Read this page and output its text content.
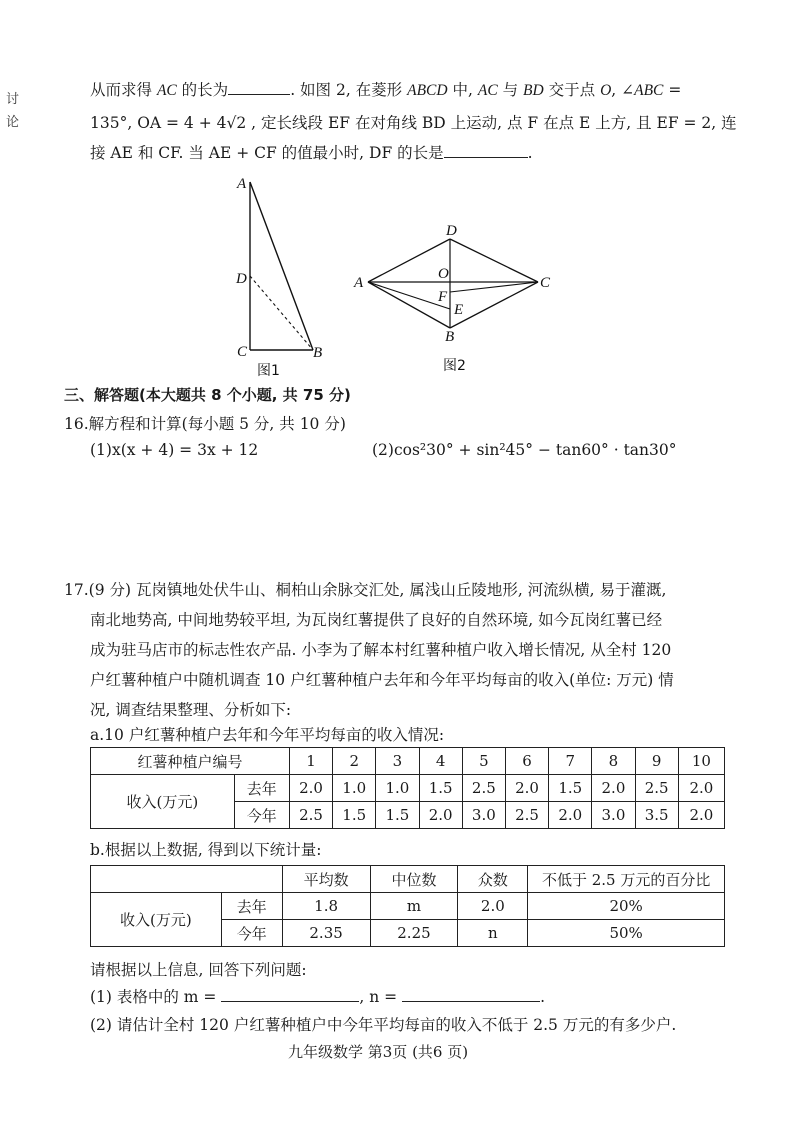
讨
论
从而求得 AC 的长为	. 如图 2, 在菱形 ABCD 中, AC 与 BD 交于点 O, ∠ABC =
135°, OA = 4 + 4√2 , 定长线段 EF 在对角线 BD 上运动, 点 F 在点 E 上方, 且 EF = 2, 连
接 AE 和 CF. 当 AE + CF 的值最小时, DF 的长是	.
A
D
C	B
图1
D
A
O
C
F
E
B
图2
三、解答题(本大题共 8 个小题, 共 75 分)
16.解方程和计算(每小题 5 分, 共 10 分)
(1)x(x + 4) = 3x + 12	(2)cos²30° + sin²45° − tan60° · tan30°
17.(9 分) 瓦岗镇地处伏牛山、桐柏山余脉交汇处, 属浅山丘陵地形, 河流纵横, 易于灌溉,
南北地势高, 中间地势较平坦, 为瓦岗红薯提供了良好的自然环境, 如今瓦岗红薯已经
成为驻马店市的标志性农产品. 小李为了解本村红薯种植户收入增长情况, 从全村 120
户红薯种植户中随机调查 10 户红薯种植户去年和今年平均每亩的收入(单位: 万元) 情
况, 调查结果整理、分析如下:
a.10 户红薯种植户去年和今年平均每亩的收入情况:
红薯种植户编号		1	2	3	4	5	6	7	8	9	10
收入(万元)	去年	2.0	1.0	1.0	1.5	2.5	2.0	1.5	2.0	2.5	2.0
	今年	2.5	1.5	1.5	2.0	3.0	2.5	2.0	3.0	3.5	2.0
b.根据以上数据, 得到以下统计量:
		平均数	中位数	众数	不低于 2.5 万元的百分比
收入(万元)	去年	1.8	m	2.0	20%
	今年	2.35	2.25	n	50%
请根据以上信息, 回答下列问题:
(1) 表格中的 m =	, n =	.
(2) 请估计全村 120 户红薯种植户中今年平均每亩的收入不低于 2.5 万元的有多少户.
九年级数学 第3页 (共6 页)
